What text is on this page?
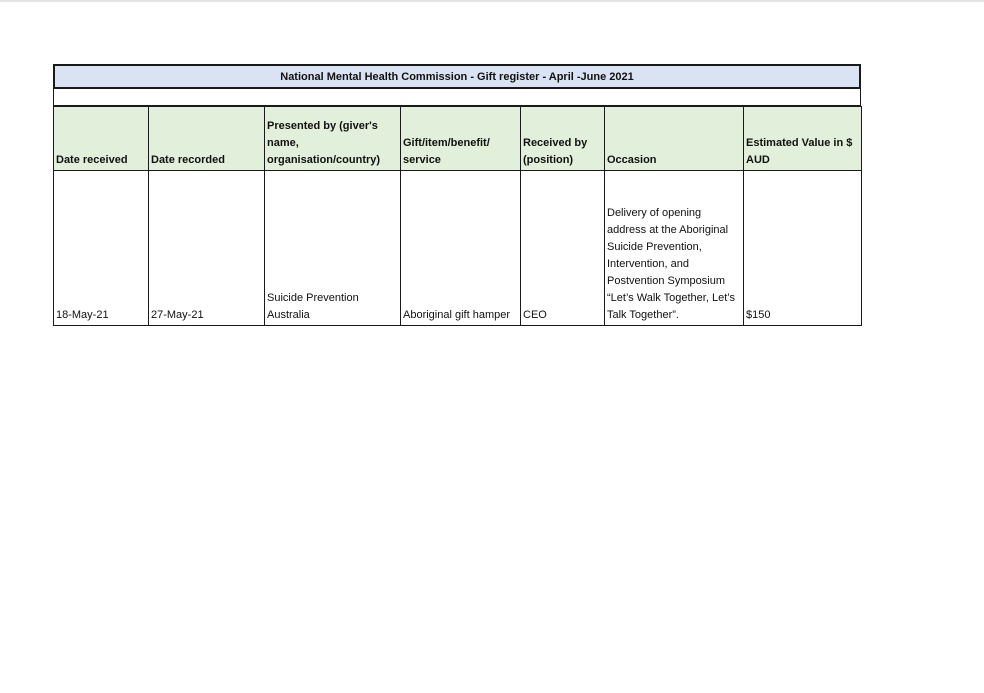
National Mental Health Commission - Gift register - April -June 2021
Date received	Date recorded	Presented by (giver's name, organisation/country)	Gift/item/benefit/ service	Received by (position)	Occasion	Estimated Value in $ AUD
18-May-21	27-May-21	Suicide Prevention Australia	Aboriginal gift hamper	CEO	Delivery of opening address at the Aboriginal Suicide Prevention, Intervention, and Postvention Symposium “Let’s Walk Together, Let’s Talk Together”.	$150
